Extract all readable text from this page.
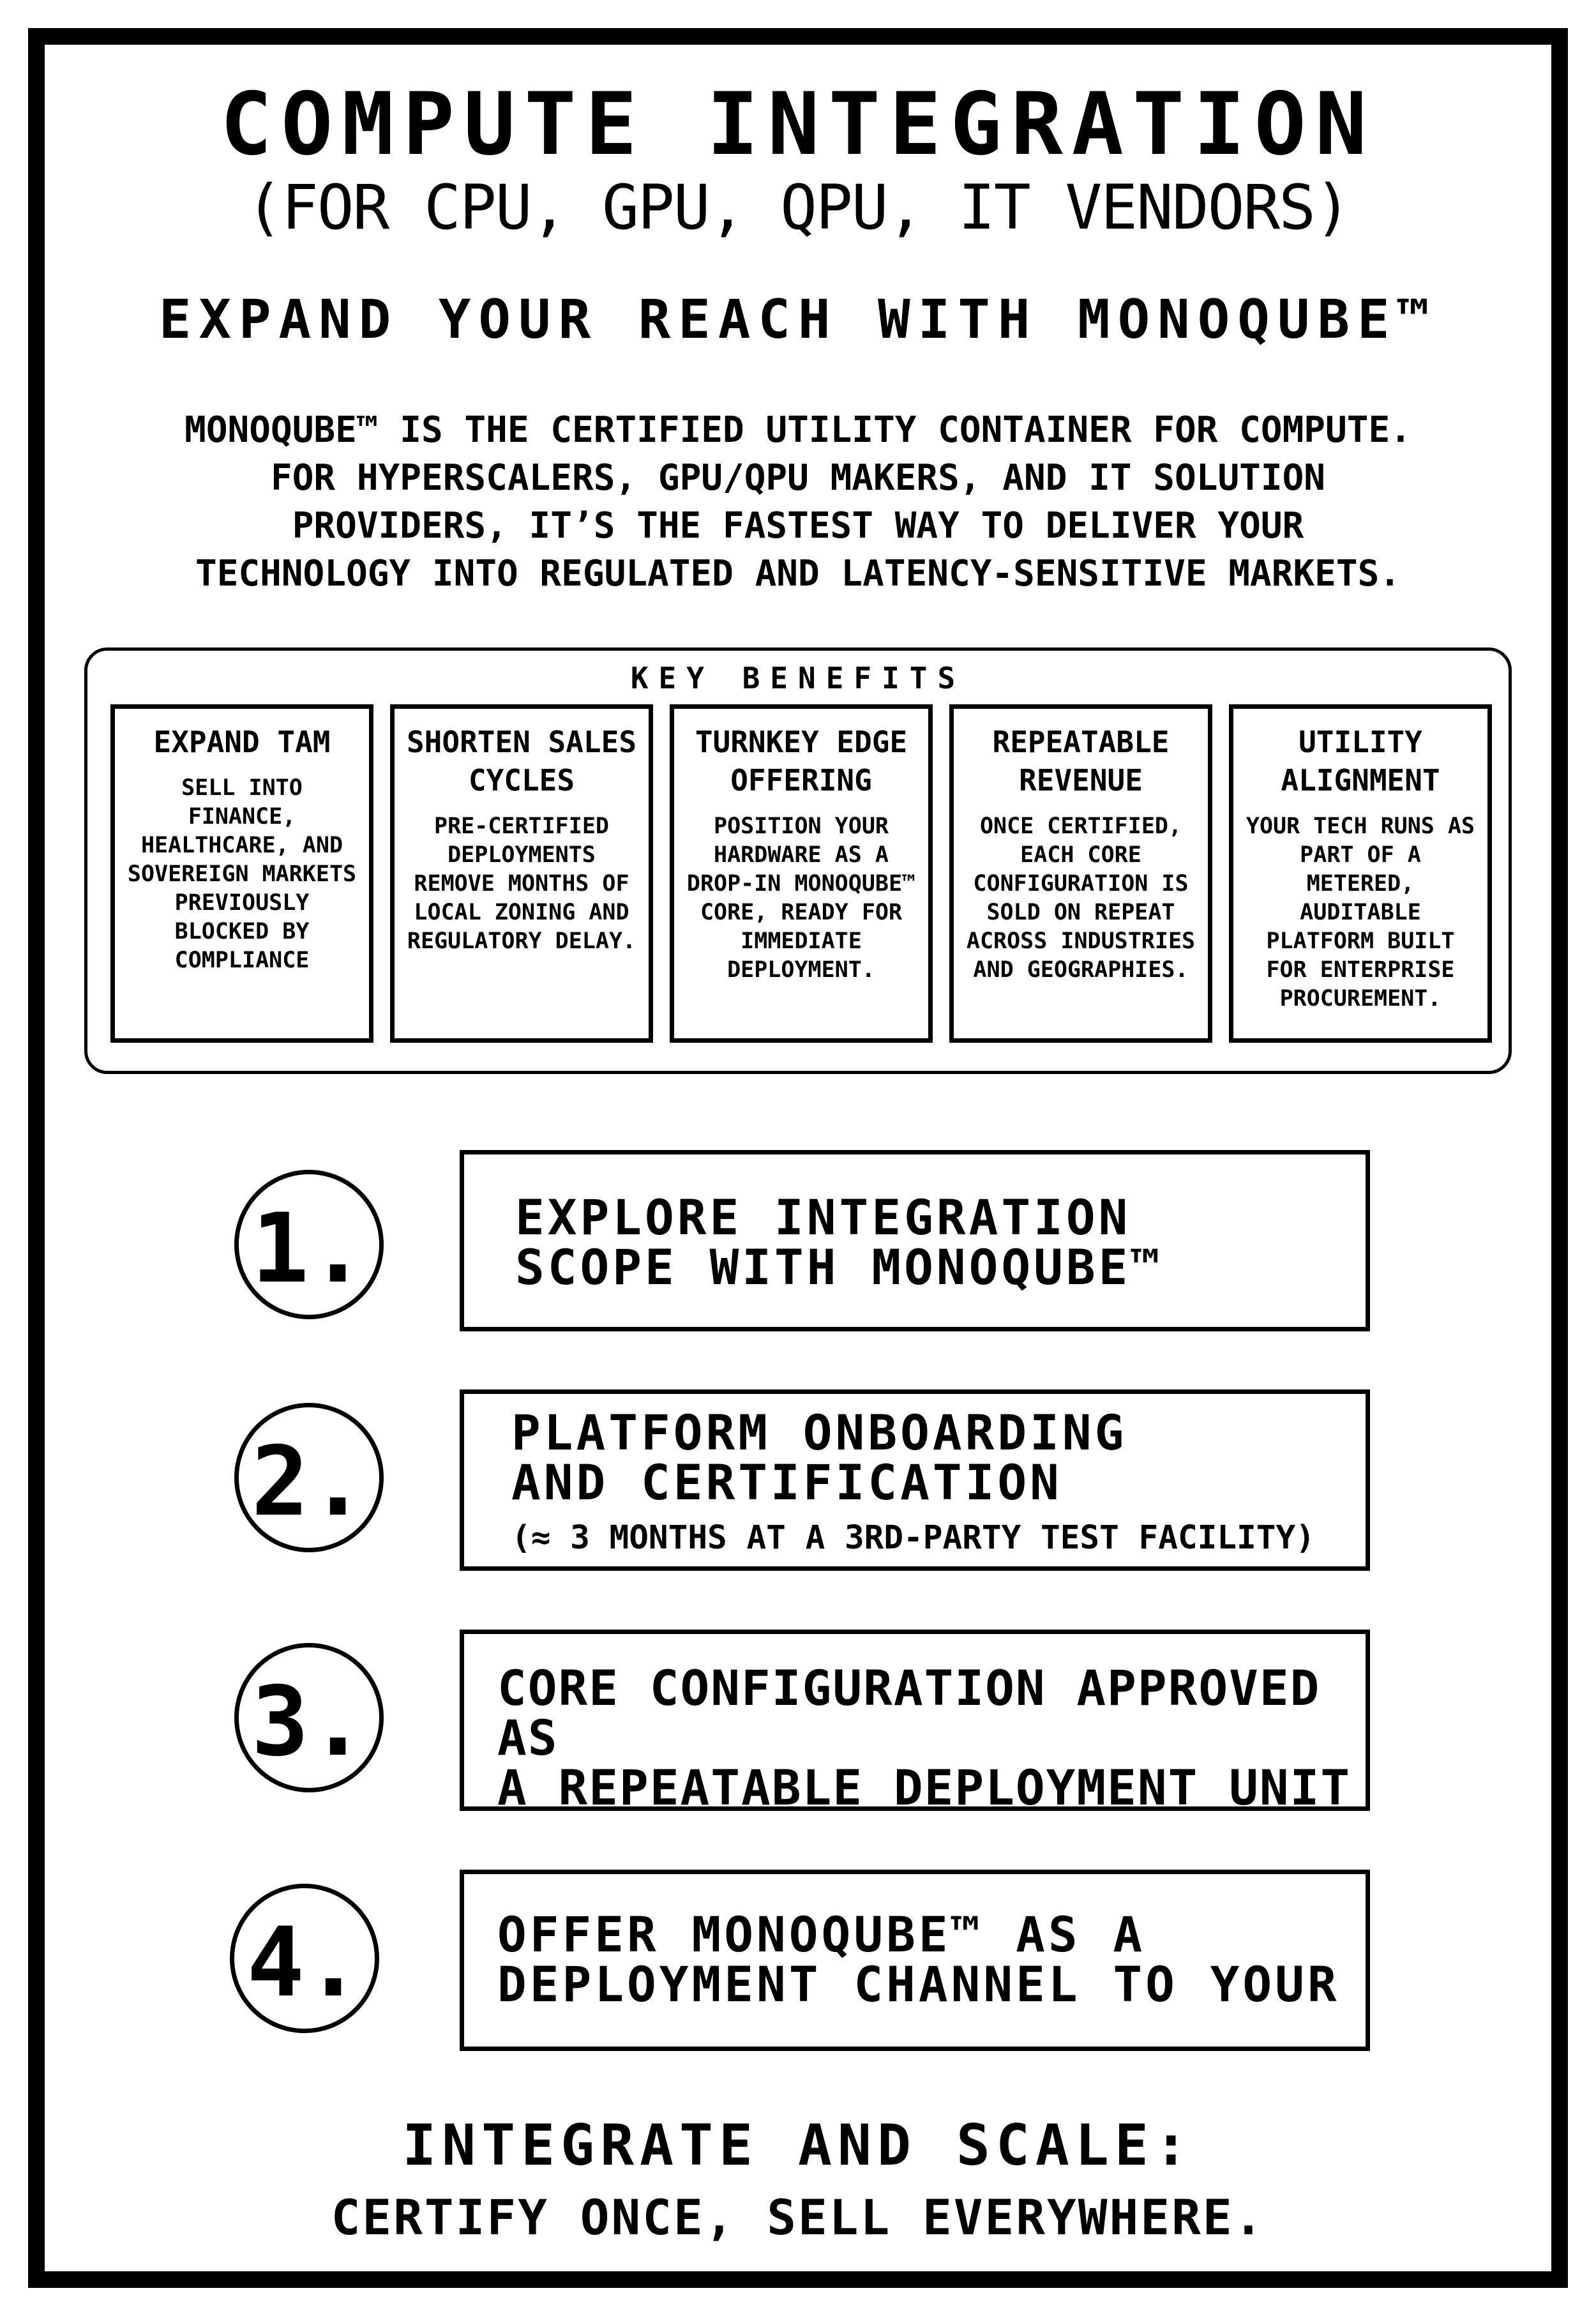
COMPUTE INTEGRATION
(FOR CPU, GPU, QPU, IT VENDORS)
EXPAND YOUR REACH WITH MONOQUBE™
MONOQUBE™ IS THE CERTIFIED UTILITY CONTAINER FOR COMPUTE.
FOR HYPERSCALERS, GPU/QPU MAKERS, AND IT SOLUTION
PROVIDERS, IT’S THE FASTEST WAY TO DELIVER YOUR
TECHNOLOGY INTO REGULATED AND LATENCY-SENSITIVE MARKETS.
KEY BENEFITS
EXPAND TAM
SELL INTO
FINANCE,
HEALTHCARE, AND
SOVEREIGN MARKETS
PREVIOUSLY
BLOCKED BY
COMPLIANCE
SHORTEN SALES
CYCLES
PRE-CERTIFIED
DEPLOYMENTS
REMOVE MONTHS OF
LOCAL ZONING AND
REGULATORY DELAY.
TURNKEY EDGE
OFFERING
POSITION YOUR
HARDWARE AS A
DROP-IN MONOQUBE™
CORE, READY FOR
IMMEDIATE
DEPLOYMENT.
REPEATABLE
REVENUE
ONCE CERTIFIED,
EACH CORE
CONFIGURATION IS
SOLD ON REPEAT
ACROSS INDUSTRIES
AND GEOGRAPHIES.
UTILITY
ALIGNMENT
YOUR TECH RUNS AS
PART OF A
METERED,
AUDITABLE
PLATFORM BUILT
FOR ENTERPRISE
PROCUREMENT.
1.	EXPLORE INTEGRATION
SCOPE WITH MONOQUBE™
2.	PLATFORM ONBOARDING
AND CERTIFICATION
(≈ 3 MONTHS AT A 3RD-PARTY TEST FACILITY)
3.	CORE CONFIGURATION APPROVED AS
A REPEATABLE DEPLOYMENT UNIT
4.	OFFER MONOQUBE™ AS A
DEPLOYMENT CHANNEL TO YOUR
INTEGRATE AND SCALE:
CERTIFY ONCE, SELL EVERYWHERE.
